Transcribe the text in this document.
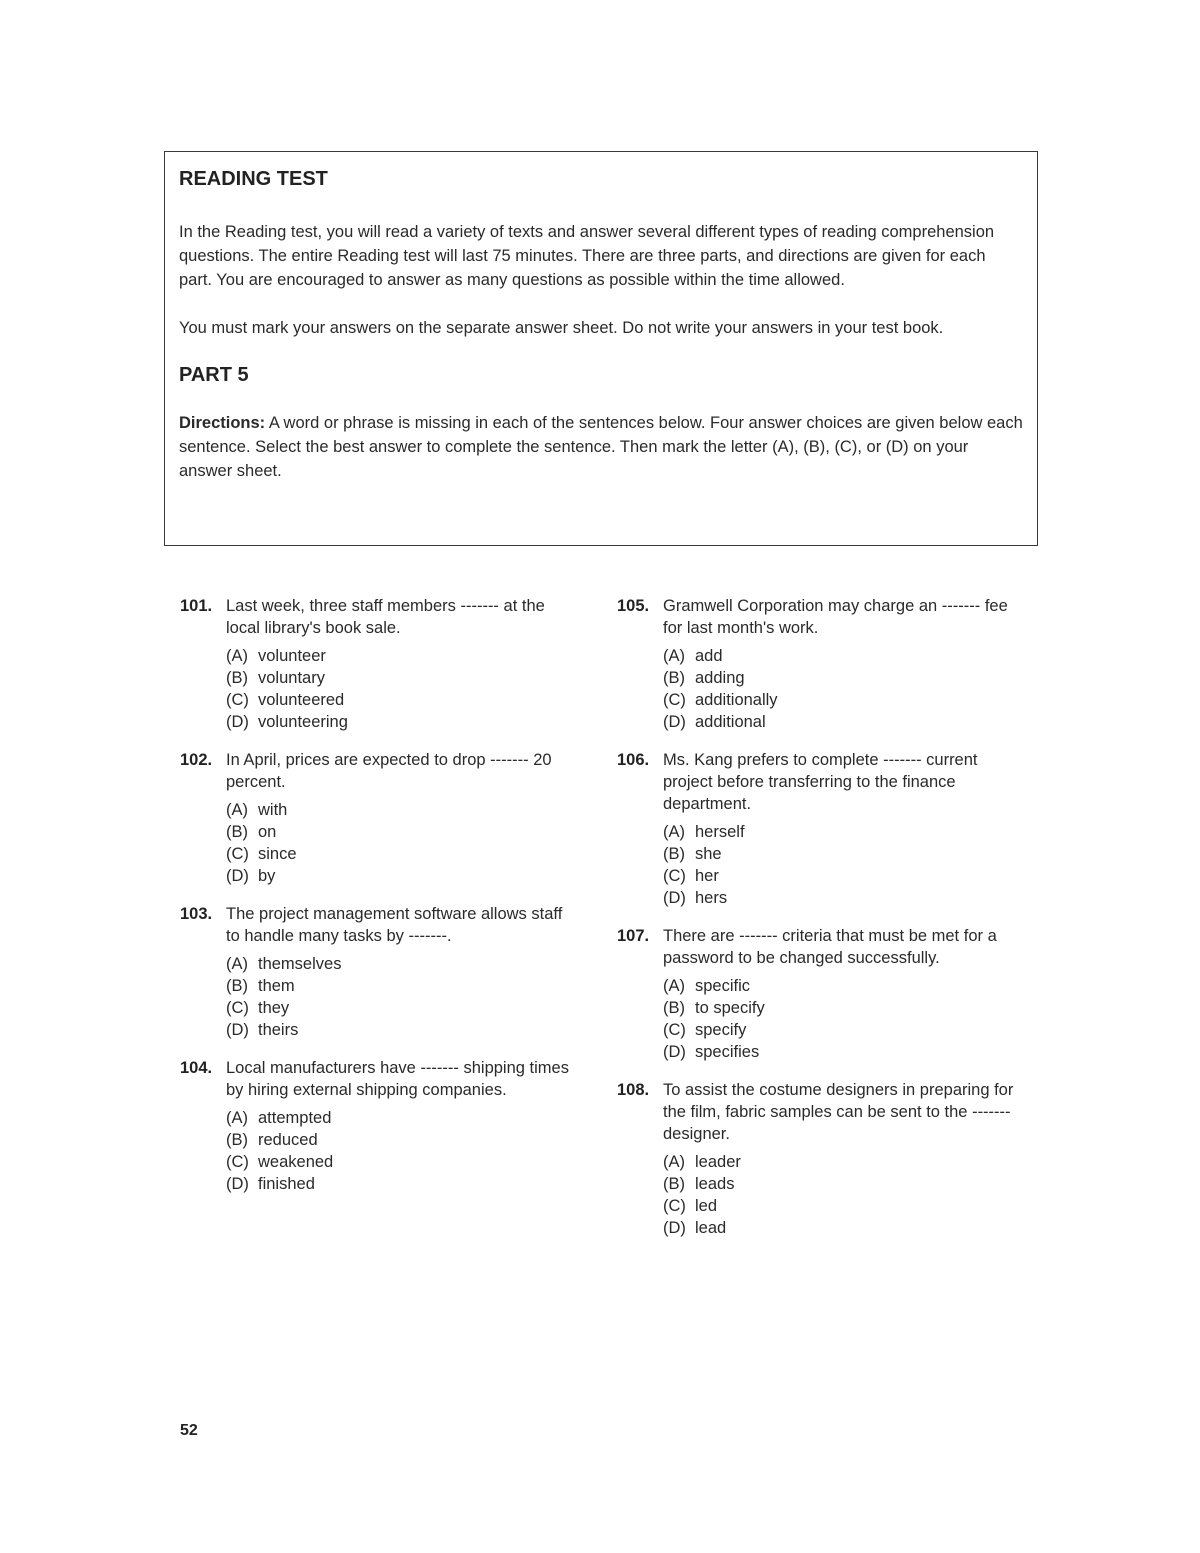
READING TEST

In the Reading test, you will read a variety of texts and answer several different types of reading comprehension questions. The entire Reading test will last 75 minutes. There are three parts, and directions are given for each part. You are encouraged to answer as many questions as possible within the time allowed.

You must mark your answers on the separate answer sheet. Do not write your answers in your test book.

PART 5

Directions: A word or phrase is missing in each of the sentences below. Four answer choices are given below each sentence. Select the best answer to complete the sentence. Then mark the letter (A), (B), (C), or (D) on your answer sheet.

101. Last week, three staff members ------- at the local library's book sale.
(A) volunteer
(B) voluntary
(C) volunteered
(D) volunteering
102. In April, prices are expected to drop ------- 20 percent.
(A) with
(B) on
(C) since
(D) by
103. The project management software allows staff to handle many tasks by -------.
(A) themselves
(B) them
(C) they
(D) theirs
104. Local manufacturers have ------- shipping times by hiring external shipping companies.
(A) attempted
(B) reduced
(C) weakened
(D) finished
105. Gramwell Corporation may charge an ------- fee for last month's work.
(A) add
(B) adding
(C) additionally
(D) additional
106. Ms. Kang prefers to complete ------- current project before transferring to the finance department.
(A) herself
(B) she
(C) her
(D) hers
107. There are ------- criteria that must be met for a password to be changed successfully.
(A) specific
(B) to specify
(C) specify
(D) specifies
108. To assist the costume designers in preparing for the film, fabric samples can be sent to the ------- designer.
(A) leader
(B) leads
(C) led
(D) lead
52
